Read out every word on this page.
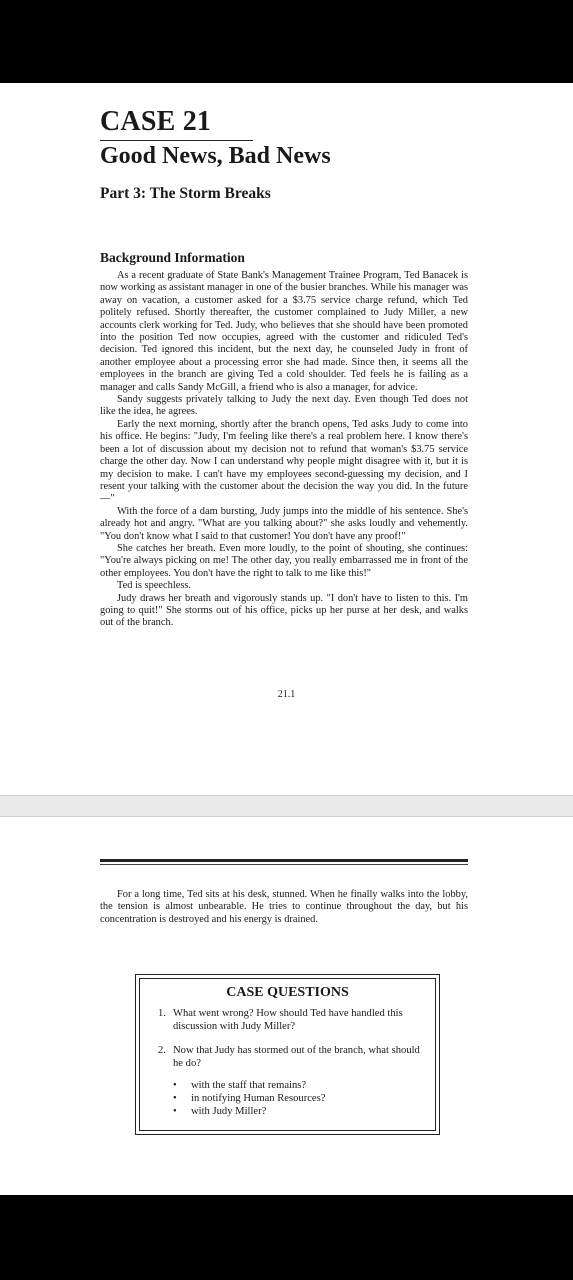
CASE 21
Good News, Bad News
Part 3: The Storm Breaks
Background Information

As a recent graduate of State Bank's Management Trainee Program, Ted Banacek is now working as assistant manager in one of the busier branches. While his manager was away on vacation, a customer asked for a $3.75 service charge refund, which Ted politely refused. Shortly thereafter, the customer complained to Judy Miller, a new accounts clerk working for Ted. Judy, who believes that she should have been promoted into the position Ted now occupies, agreed with the customer and ridiculed Ted's decision. Ted ignored this incident, but the next day, he counseled Judy in front of another employee about a processing error she had made. Since then, it seems all the employees in the branch are giving Ted a cold shoulder. Ted feels he is failing as a manager and calls Sandy McGill, a friend who is also a manager, for advice.

Sandy suggests privately talking to Judy the next day. Even though Ted does not like the idea, he agrees.

Early the next morning, shortly after the branch opens, Ted asks Judy to come into his office. He begins: "Judy, I'm feeling like there's a real problem here. I know there's been a lot of discussion about my decision not to refund that woman's $3.75 service charge the other day. Now I can understand why people might disagree with it, but it is my decision to make. I can't have my employees second-guessing my decision, and I resent your talking with the customer about the decision the way you did. In the future—"

With the force of a dam bursting, Judy jumps into the middle of his sentence. She's already hot and angry. "What are you talking about?" she asks loudly and vehemently. "You don't know what I said to that customer! You don't have any proof!"

She catches her breath. Even more loudly, to the point of shouting, she continues: "You're always picking on me! The other day, you really embarrassed me in front of the other employees. You don't have the right to talk to me like this!"

Ted is speechless.

Judy draws her breath and vigorously stands up. "I don't have to listen to this. I'm going to quit!" She storms out of his office, picks up her purse at her desk, and walks out of the branch.

21.1

For a long time, Ted sits at his desk, stunned. When he finally walks into the lobby, the tension is almost unbearable. He tries to continue throughout the day, but his concentration is destroyed and his energy is drained.

CASE QUESTIONS
1. What went wrong? How should Ted have handled this discussion with Judy Miller?
2. Now that Judy has stormed out of the branch, what should he do?
•	with the staff that remains?
•	in notifying Human Resources?
•	with Judy Miller?
